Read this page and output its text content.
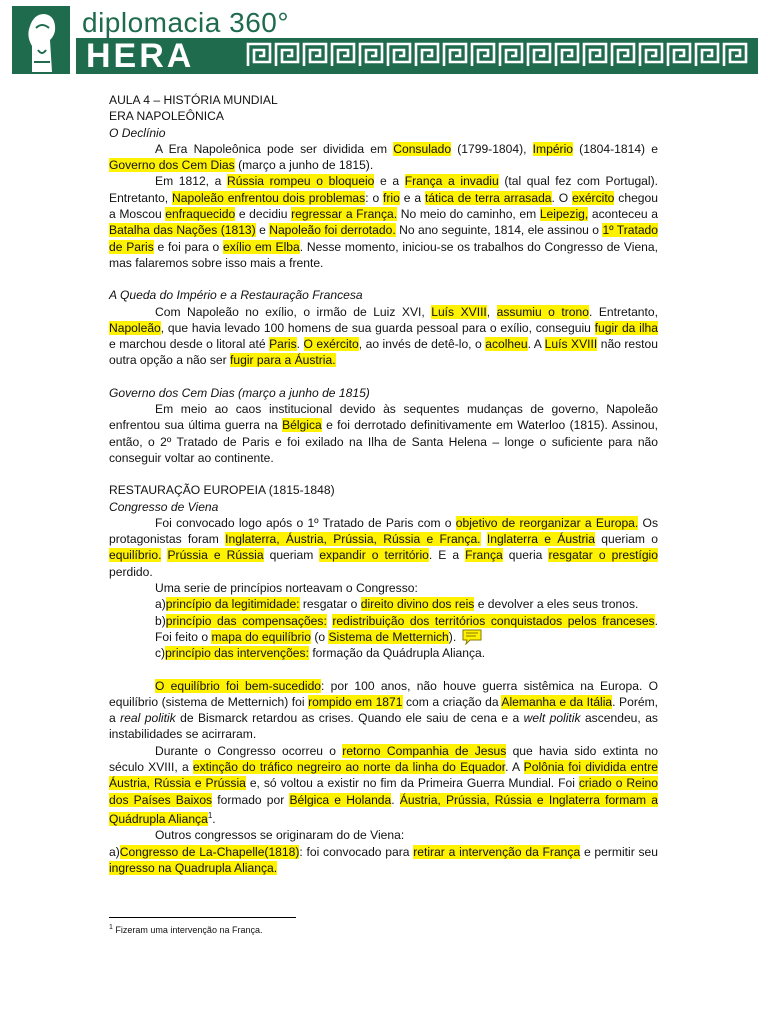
diplomacia 360°
HERA

AULA 4 – HISTÓRIA MUNDIAL

ERA NAPOLEÔNICA

O Declínio

A Era Napoleônica pode ser dividida em Consulado (1799-1804), Império (1804-1814) e Governo dos Cem Dias (março a junho de 1815).

Em 1812, a Rússia rompeu o bloqueio e a França a invadiu (tal qual fez com Portugal). Entretanto, Napoleão enfrentou dois problemas: o frio e a tática de terra arrasada. O exército chegou a Moscou enfraquecido e decidiu regressar a França. No meio do caminho, em Leipezig, aconteceu a Batalha das Nações (1813) e Napoleão foi derrotado. No ano seguinte, 1814, ele assinou o 1º Tratado de Paris e foi para o exílio em Elba. Nesse momento, iniciou-se os trabalhos do Congresso de Viena, mas falaremos sobre isso mais a frente.

A Queda do Império e a Restauração Francesa

Com Napoleão no exílio, o irmão de Luiz XVI, Luís XVIII, assumiu o trono. Entretanto, Napoleão, que havia levado 100 homens de sua guarda pessoal para o exílio, conseguiu fugir da ilha e marchou desde o litoral até Paris. O exército, ao invés de detê-lo, o acolheu. A Luís XVIII não restou outra opção a não ser fugir para a Áustria.

Governo dos Cem Dias (março a junho de 1815)

Em meio ao caos institucional devido às sequentes mudanças de governo, Napoleão enfrentou sua última guerra na Bélgica e foi derrotado definitivamente em Waterloo (1815). Assinou, então, o 2º Tratado de Paris e foi exilado na Ilha de Santa Helena – longe o suficiente para não conseguir voltar ao continente.

RESTAURAÇÃO EUROPEIA (1815-1848)

Congresso de Viena

Foi convocado logo após o 1º Tratado de Paris com o objetivo de reorganizar a Europa. Os protagonistas foram Inglaterra, Áustria, Prússia, Rússia e França. Inglaterra e Áustria queriam o equilíbrio. Prússia e Rússia queriam expandir o território. E a França queria resgatar o prestígio perdido.

Uma serie de princípios norteavam o Congresso:

a)princípio da legitimidade: resgatar o direito divino dos reis e devolver a eles seus tronos.

b)princípio das compensações: redistribuição dos territórios conquistados pelos franceses. Foi feito o mapa do equilíbrio (o Sistema de Metternich).

c)princípio das intervenções: formação da Quádrupla Aliança.

O equilíbrio foi bem-sucedido: por 100 anos, não houve guerra sistêmica na Europa. O equilíbrio (sistema de Metternich) foi rompido em 1871 com a criação da Alemanha e da Itália. Porém, a real politik de Bismarck retardou as crises. Quando ele saiu de cena e a welt politik ascendeu, as instabilidades se acirraram.

Durante o Congresso ocorreu o retorno Companhia de Jesus que havia sido extinta no século XVIII, a extinção do tráfico negreiro ao norte da linha do Equador. A Polônia foi dividida entre Áustria, Rússia e Prússia e, só voltou a existir no fim da Primeira Guerra Mundial. Foi criado o Reino dos Países Baixos formado por Bélgica e Holanda. Áustria, Prússia, Rússia e Inglaterra formam a Quádrupla Aliança$^1$.

Outros congressos se originaram do de Viena:

a)Congresso de La-Chapelle(1818): foi convocado para retirar a intervenção da França e permitir seu ingresso na Quadrupla Aliança.

$^1$ Fizeram uma intervenção na França.
